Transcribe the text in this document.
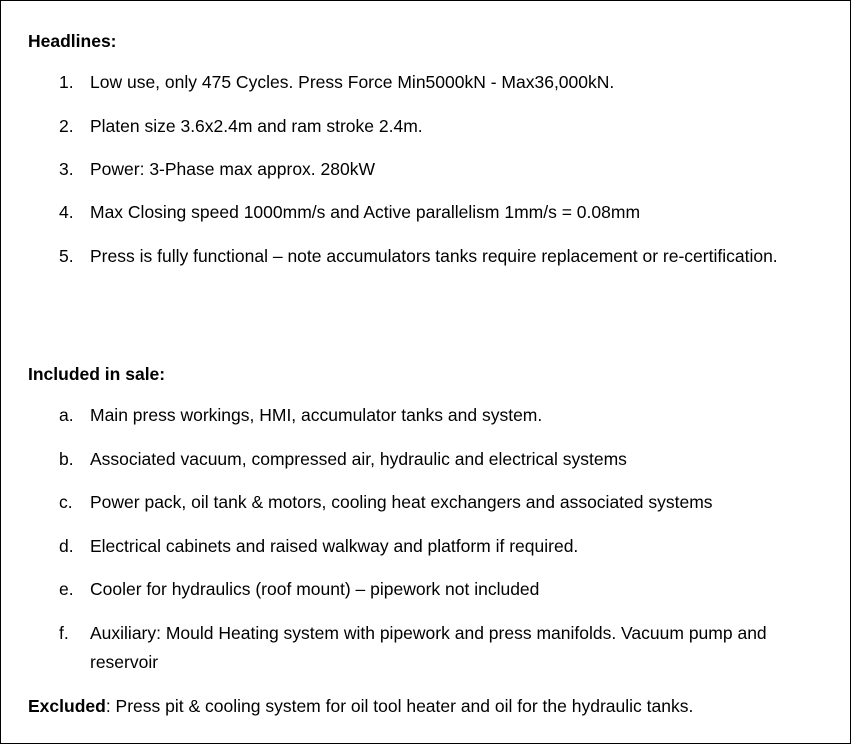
Headlines:
1. Low use, only 475 Cycles. Press Force Min5000kN - Max36,000kN.
2. Platen size 3.6x2.4m and ram stroke 2.4m.
3. Power: 3-Phase max approx. 280kW
4. Max Closing speed 1000mm/s and Active parallelism 1mm/s = 0.08mm
5. Press is fully functional – note accumulators tanks require replacement or re-certification.
Included in sale:
a. Main press workings, HMI, accumulator tanks and system.
b. Associated vacuum, compressed air, hydraulic and electrical systems
c. Power pack, oil tank & motors, cooling heat exchangers and associated systems
d. Electrical cabinets and raised walkway and platform if required.
e. Cooler for hydraulics (roof mount) – pipework not included
f. Auxiliary: Mould Heating system with pipework and press manifolds. Vacuum pump and reservoir
Excluded: Press pit & cooling system for oil tool heater and oil for the hydraulic tanks.
